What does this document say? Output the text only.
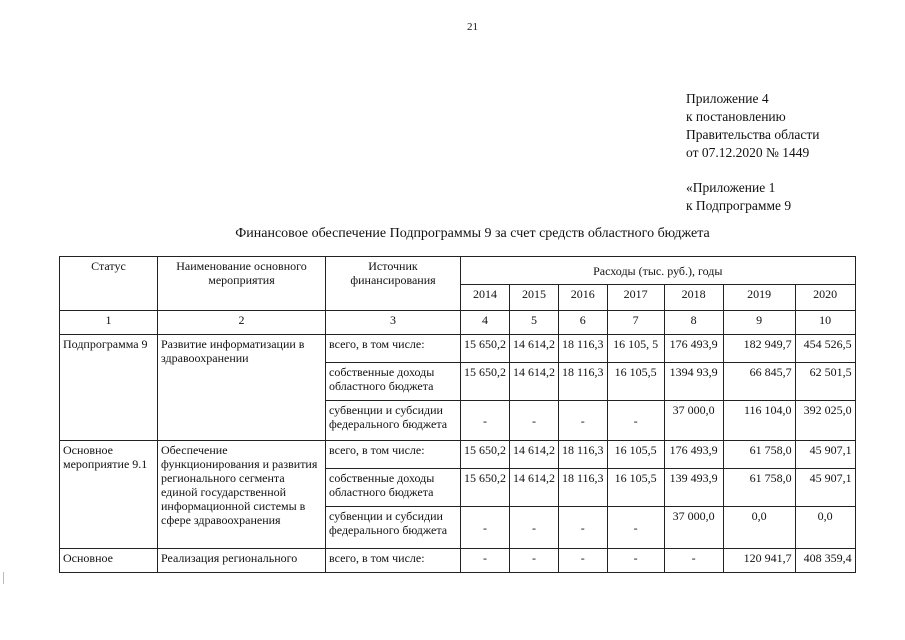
21
Приложение 4
к постановлению
Правительства области
от 07.12.2020 № 1449
«Приложение 1
к Подпрограмме 9
Финансовое обеспечение Подпрограммы 9 за счет средств областного бюджета
Статус	Наименование основного мероприятия	Источник финансирования	Расходы (тыс. руб.), годы						
			2014	2015	2016	2017	2018	2019	2020
1	2	3	4	5	6	7	8	9	10
Подпрограмма 9	Развитие информатизации в здравоохранении	всего, в том числе:	15 650,2	14 614,2	18 116,3	16 105, 5	176 493,9	182 949,7	454 526,5
		собственные доходы областного бюджета	15 650,2	14 614,2	18 116,3	16 105,5	1394 93,9	66 845,7	62 501,5
		субвенции и субсидии федерального бюджета	-	-	-	-	37 000,0	116 104,0	392 025,0
Основное мероприятие 9.1	Обеспечение функционирования и развития регионального сегмента единой государственной информационной системы в сфере здравоохранения	всего, в том числе:	15 650,2	14 614,2	18 116,3	16 105,5	176 493,9	61 758,0	45 907,1
		собственные доходы областного бюджета	15 650,2	14 614,2	18 116,3	16 105,5	139 493,9	61 758,0	45 907,1
		субвенции и субсидии федерального бюджета	-	-	-	-	37 000,0	0,0	0,0
Основное	Реализация регионального	всего, в том числе:	-	-	-	-	-	120 941,7	408 359,4
